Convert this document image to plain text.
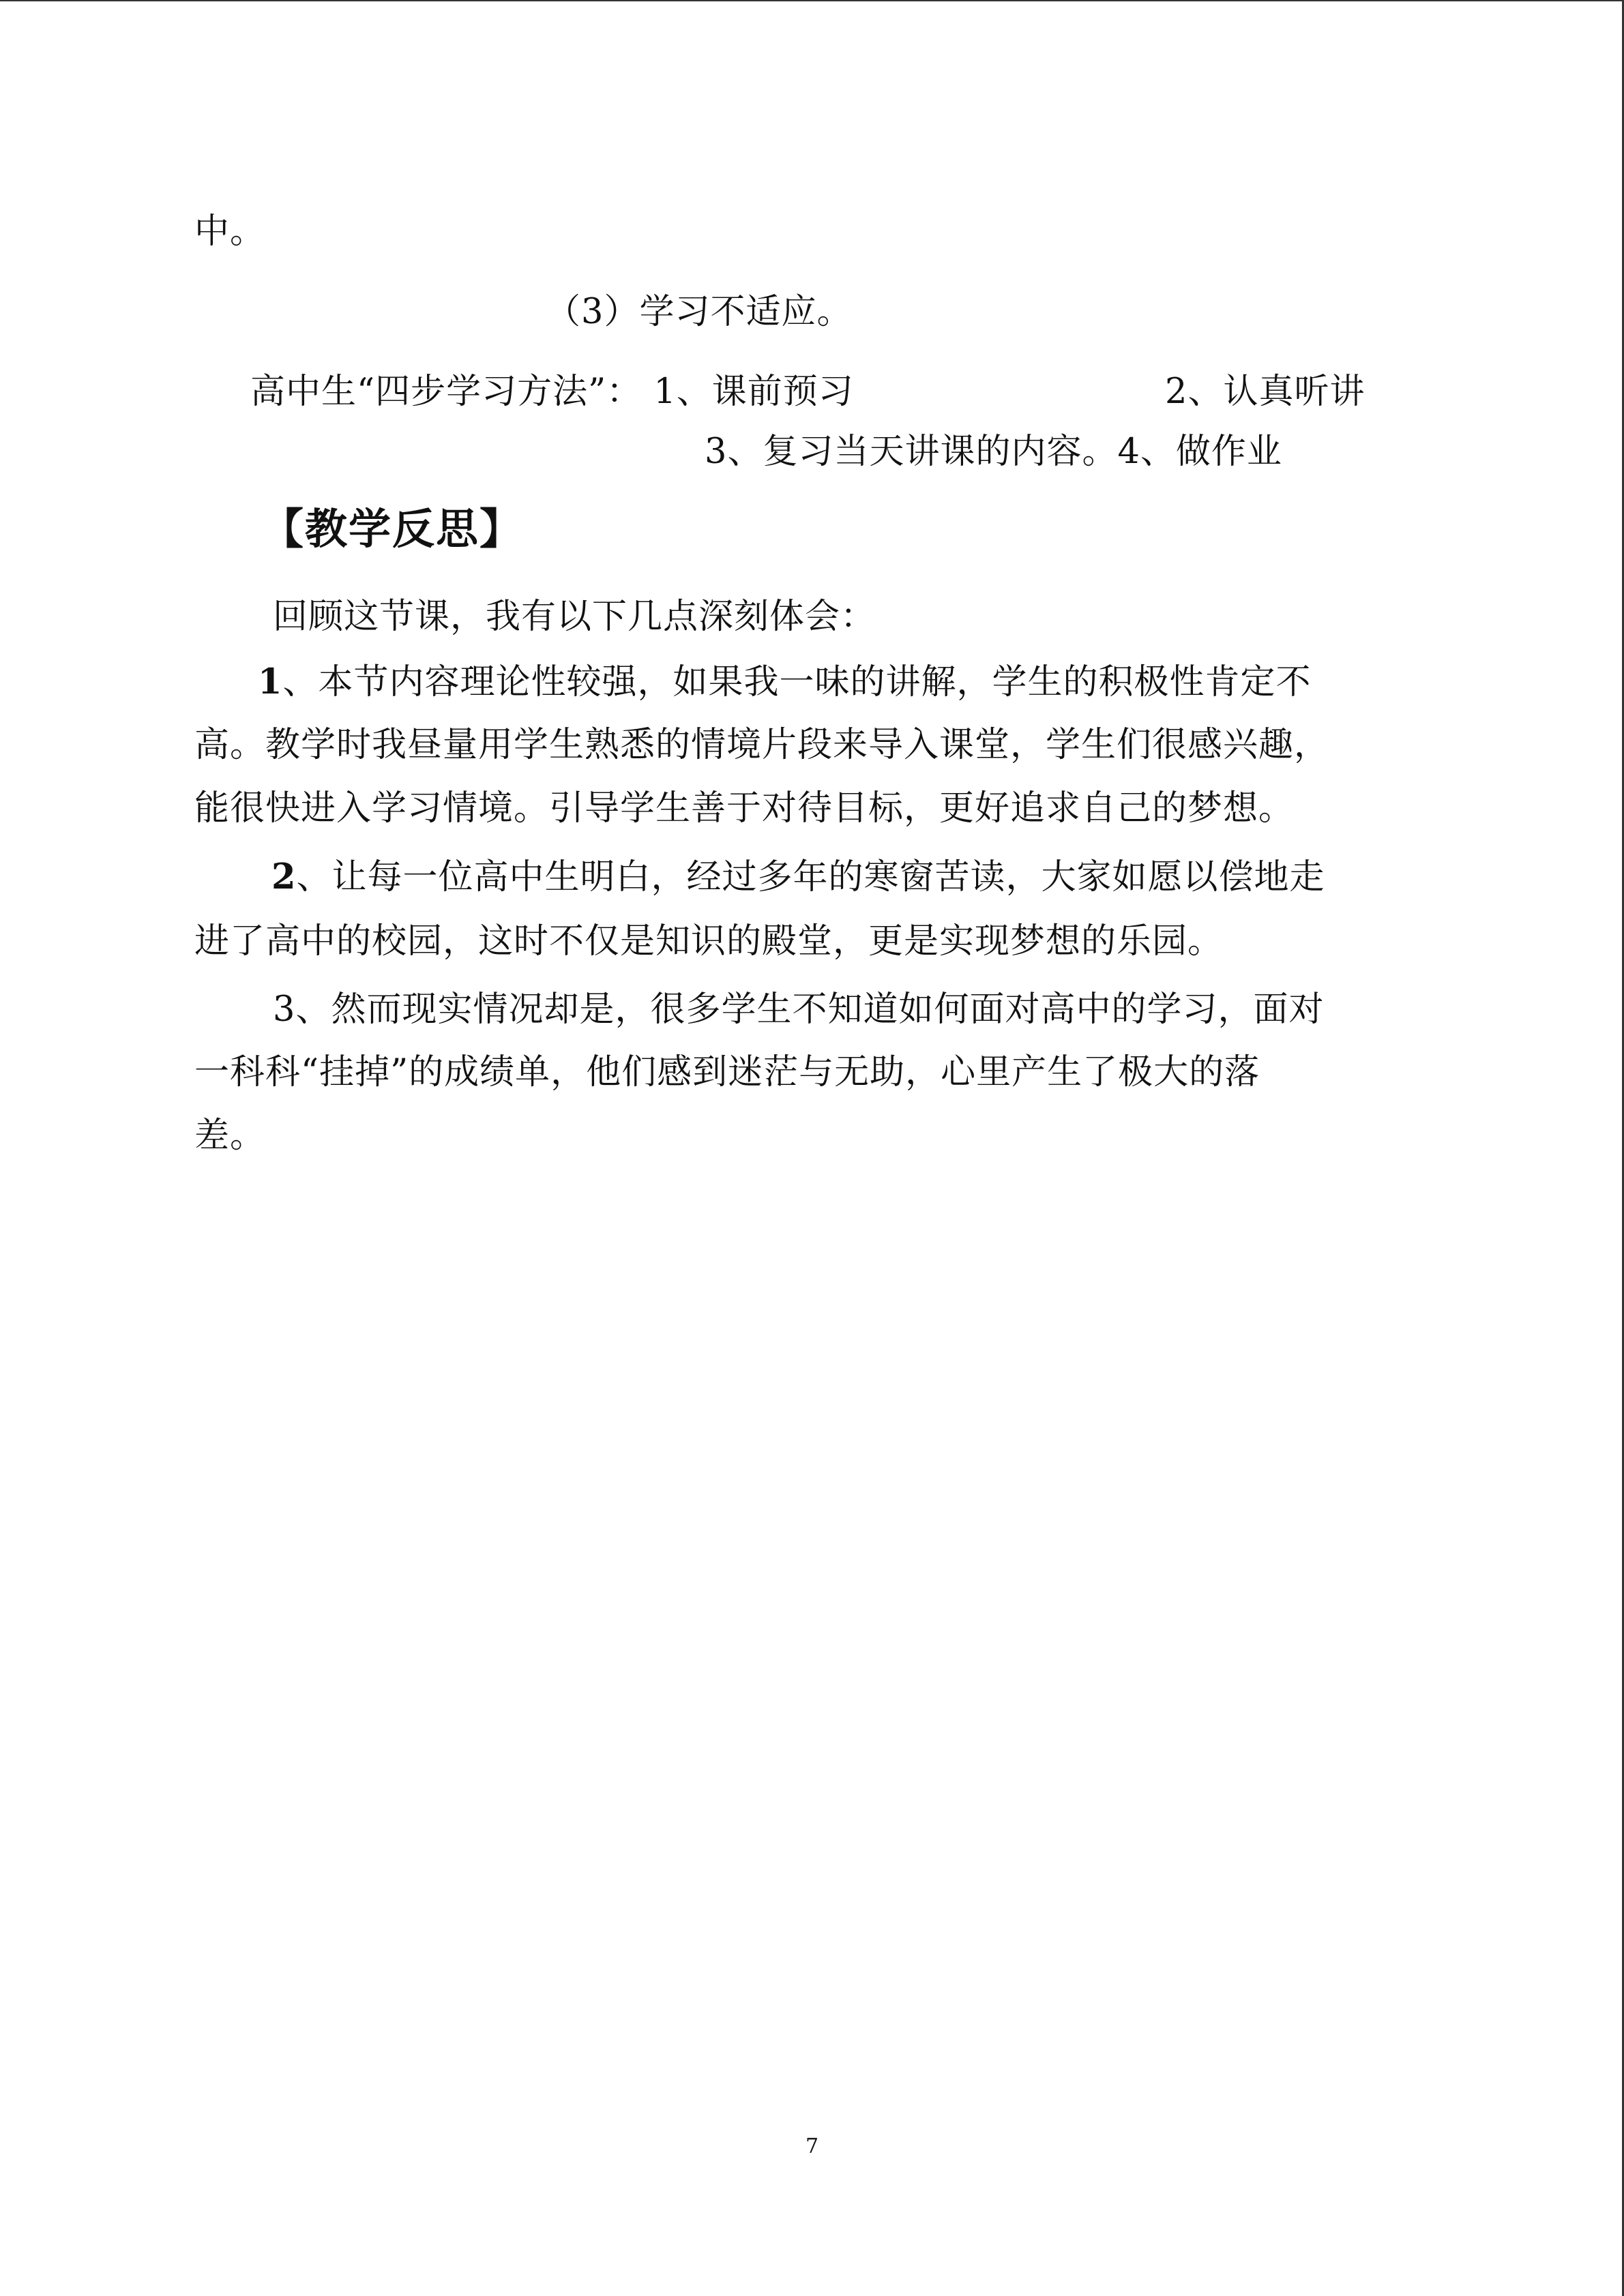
中。
（3）学习不适应。
高中生“四步学习方法”： 1、课前预习	2、认真听讲
3、复习当天讲课的内容。4、做作业
【教学反思】
回顾这节课，我有以下几点深刻体会：
1、本节内容理论性较强，如果我一味的讲解，学生的积极性肯定不
高。教学时我昼量用学生熟悉的情境片段来导入课堂，学生们很感兴趣，
能很快进入学习情境。引导学生善于对待目标，更好追求自己的梦想。
2、让每一位高中生明白，经过多年的寒窗苦读，大家如愿以偿地走
进了高中的校园，这时不仅是知识的殿堂，更是实现梦想的乐园。
3、然而现实情况却是，很多学生不知道如何面对高中的学习，面对
一科科“挂掉”的成绩单，他们感到迷茫与无助，心里产生了极大的落
差。
7
